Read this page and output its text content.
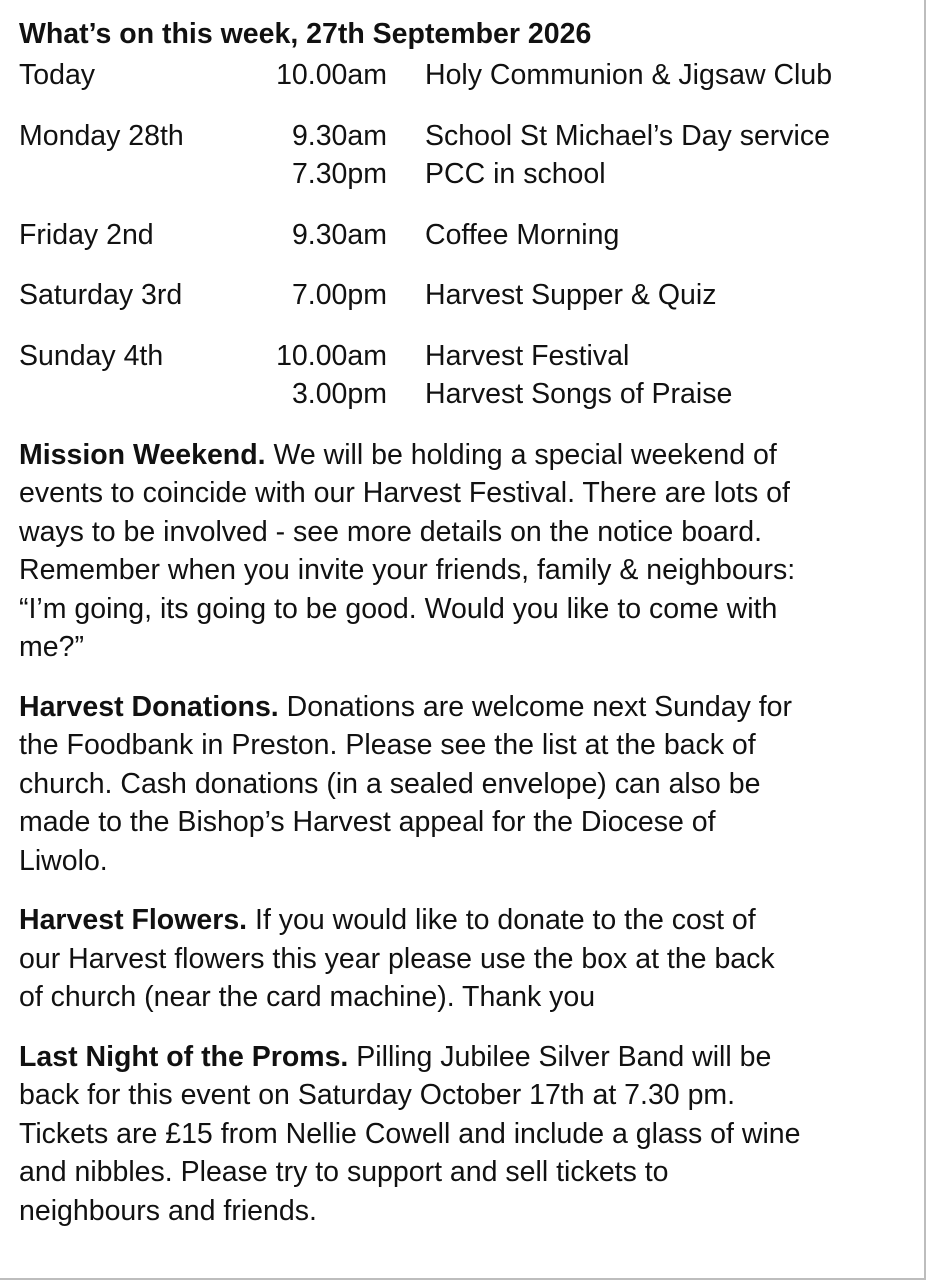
What’s on this week, 27th September 2026
Today	10.00am Holy Communion & Jigsaw Club
Monday 28th	9.30am School St Michael’s Day service
7.30pm PCC in school
Friday 2nd	9.30am Coffee Morning
Saturday 3rd	7.00pm Harvest Supper & Quiz
Sunday 4th	10.00am Harvest Festival
3.00pm Harvest Songs of Praise
Mission Weekend. We will be holding a special weekend of
events to coincide with our Harvest Festival. There are lots of
ways to be involved - see more details on the notice board.
Remember when you invite your friends, family & neighbours:
“I’m going, its going to be good. Would you like to come with
me?”
Harvest Donations. Donations are welcome next Sunday for
the Foodbank in Preston. Please see the list at the back of
church. Cash donations (in a sealed envelope) can also be
made to the Bishop’s Harvest appeal for the Diocese of
Liwolo.
Harvest Flowers. If you would like to donate to the cost of
our Harvest flowers this year please use the box at the back
of church (near the card machine). Thank you
Last Night of the Proms. Pilling Jubilee Silver Band will be
back for this event on Saturday October 17th at 7.30 pm.
Tickets are £15 from Nellie Cowell and include a glass of wine
and nibbles. Please try to support and sell tickets to
neighbours and friends.
